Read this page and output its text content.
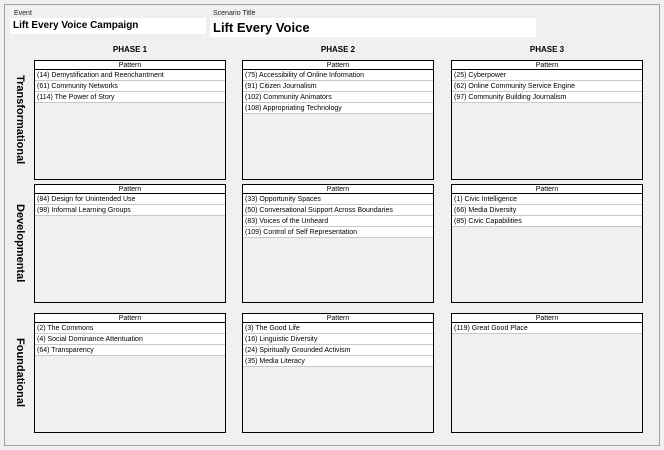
Event
Lift Every Voice Campaign
Scenario Title
Lift Every Voice
PHASE 1	PHASE 2	PHASE 3
Transformational
Developmental
Foundational
Pattern
(14) Demystification and Reenchantment
(61) Community Networks
(114) The Power of Story
Pattern
(75) Accessibility of Online Information
(91) Citizen Journalism
(102) Community Animators
(108) Appropriating Technology
Pattern
(25) Cyberpower
(62) Online Community Service Engine
(97) Community Building Journalism
Pattern
(84) Design for Unintended Use
(98) Informal Learning Groups
Pattern
(33) Opportunity Spaces
(50) Conversational Support Across Boundaries
(83) Voices of the Unheard
(109) Control of Self Representation
Pattern
(1) Civic Intelligence
(66) Media Diversity
(85) Civic Capabilities
Pattern
(2) The Commons
(4) Social Dominance Attentuation
(64) Transparency
Pattern
(3) The Good Life
(16) Linguistic Diversity
(24) Spiritually Grounded Activism
(35) Media Literacy
Pattern
(119) Great Good Place
